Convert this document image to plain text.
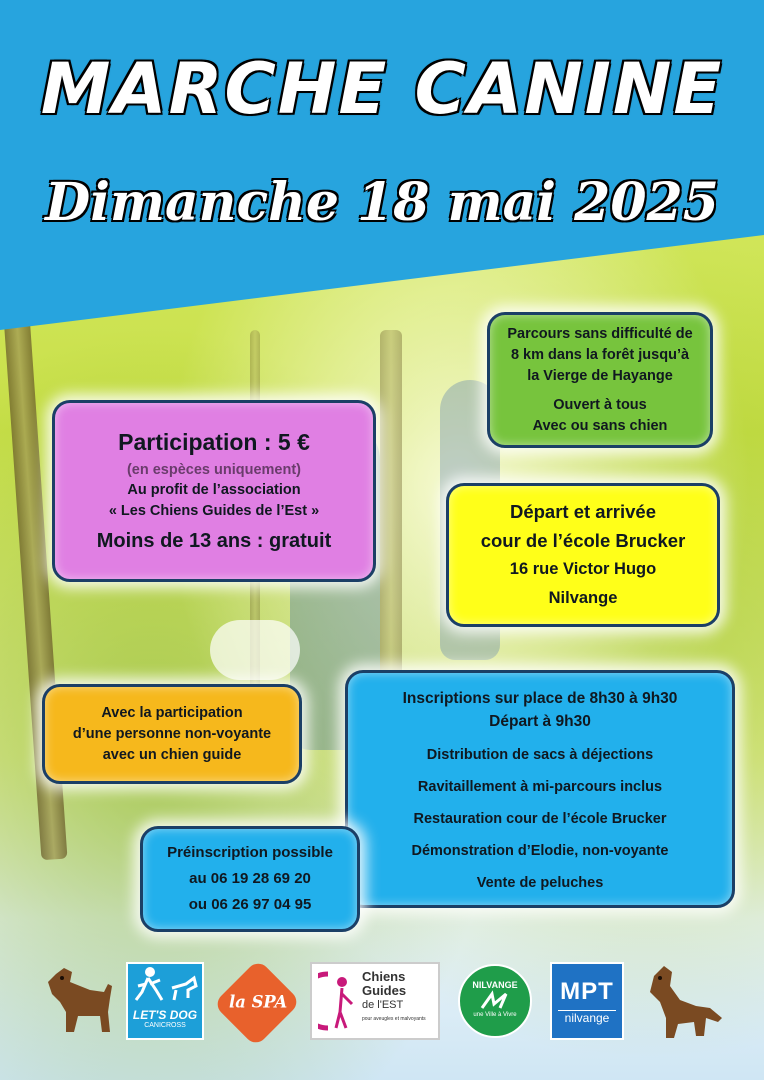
MARCHE CANINE
Dimanche 18 mai 2025
Parcours sans difficulté de
8 km dans la forêt jusqu’à
la Vierge de Hayange
Ouvert à tous
Avec ou sans chien
Participation : 5 €
(en espèces uniquement)
Au profit de l’association
« Les Chiens Guides de l’Est »
Moins de 13 ans : gratuit
Départ et arrivée
cour de l’école Brucker
16 rue Victor Hugo
Nilvange
Avec la participation
d’une personne non-voyante
avec un chien guide
Inscriptions sur place de 8h30 à 9h30
Départ à 9h30
Distribution de sacs à déjections
Ravitaillement à mi-parcours inclus
Restauration cour de l’école Brucker
Démonstration d’Elodie, non-voyante
Vente de peluches
Préinscription possible
au 06 19 28 69 20
ou 06 26 97 04 95
LET'S DOG
CANICROSS
la SPA
Chiens
Guides
de l'EST
pour aveugles et malvoyants
NILVANGE
une Ville à Vivre
MPT
nilvange
